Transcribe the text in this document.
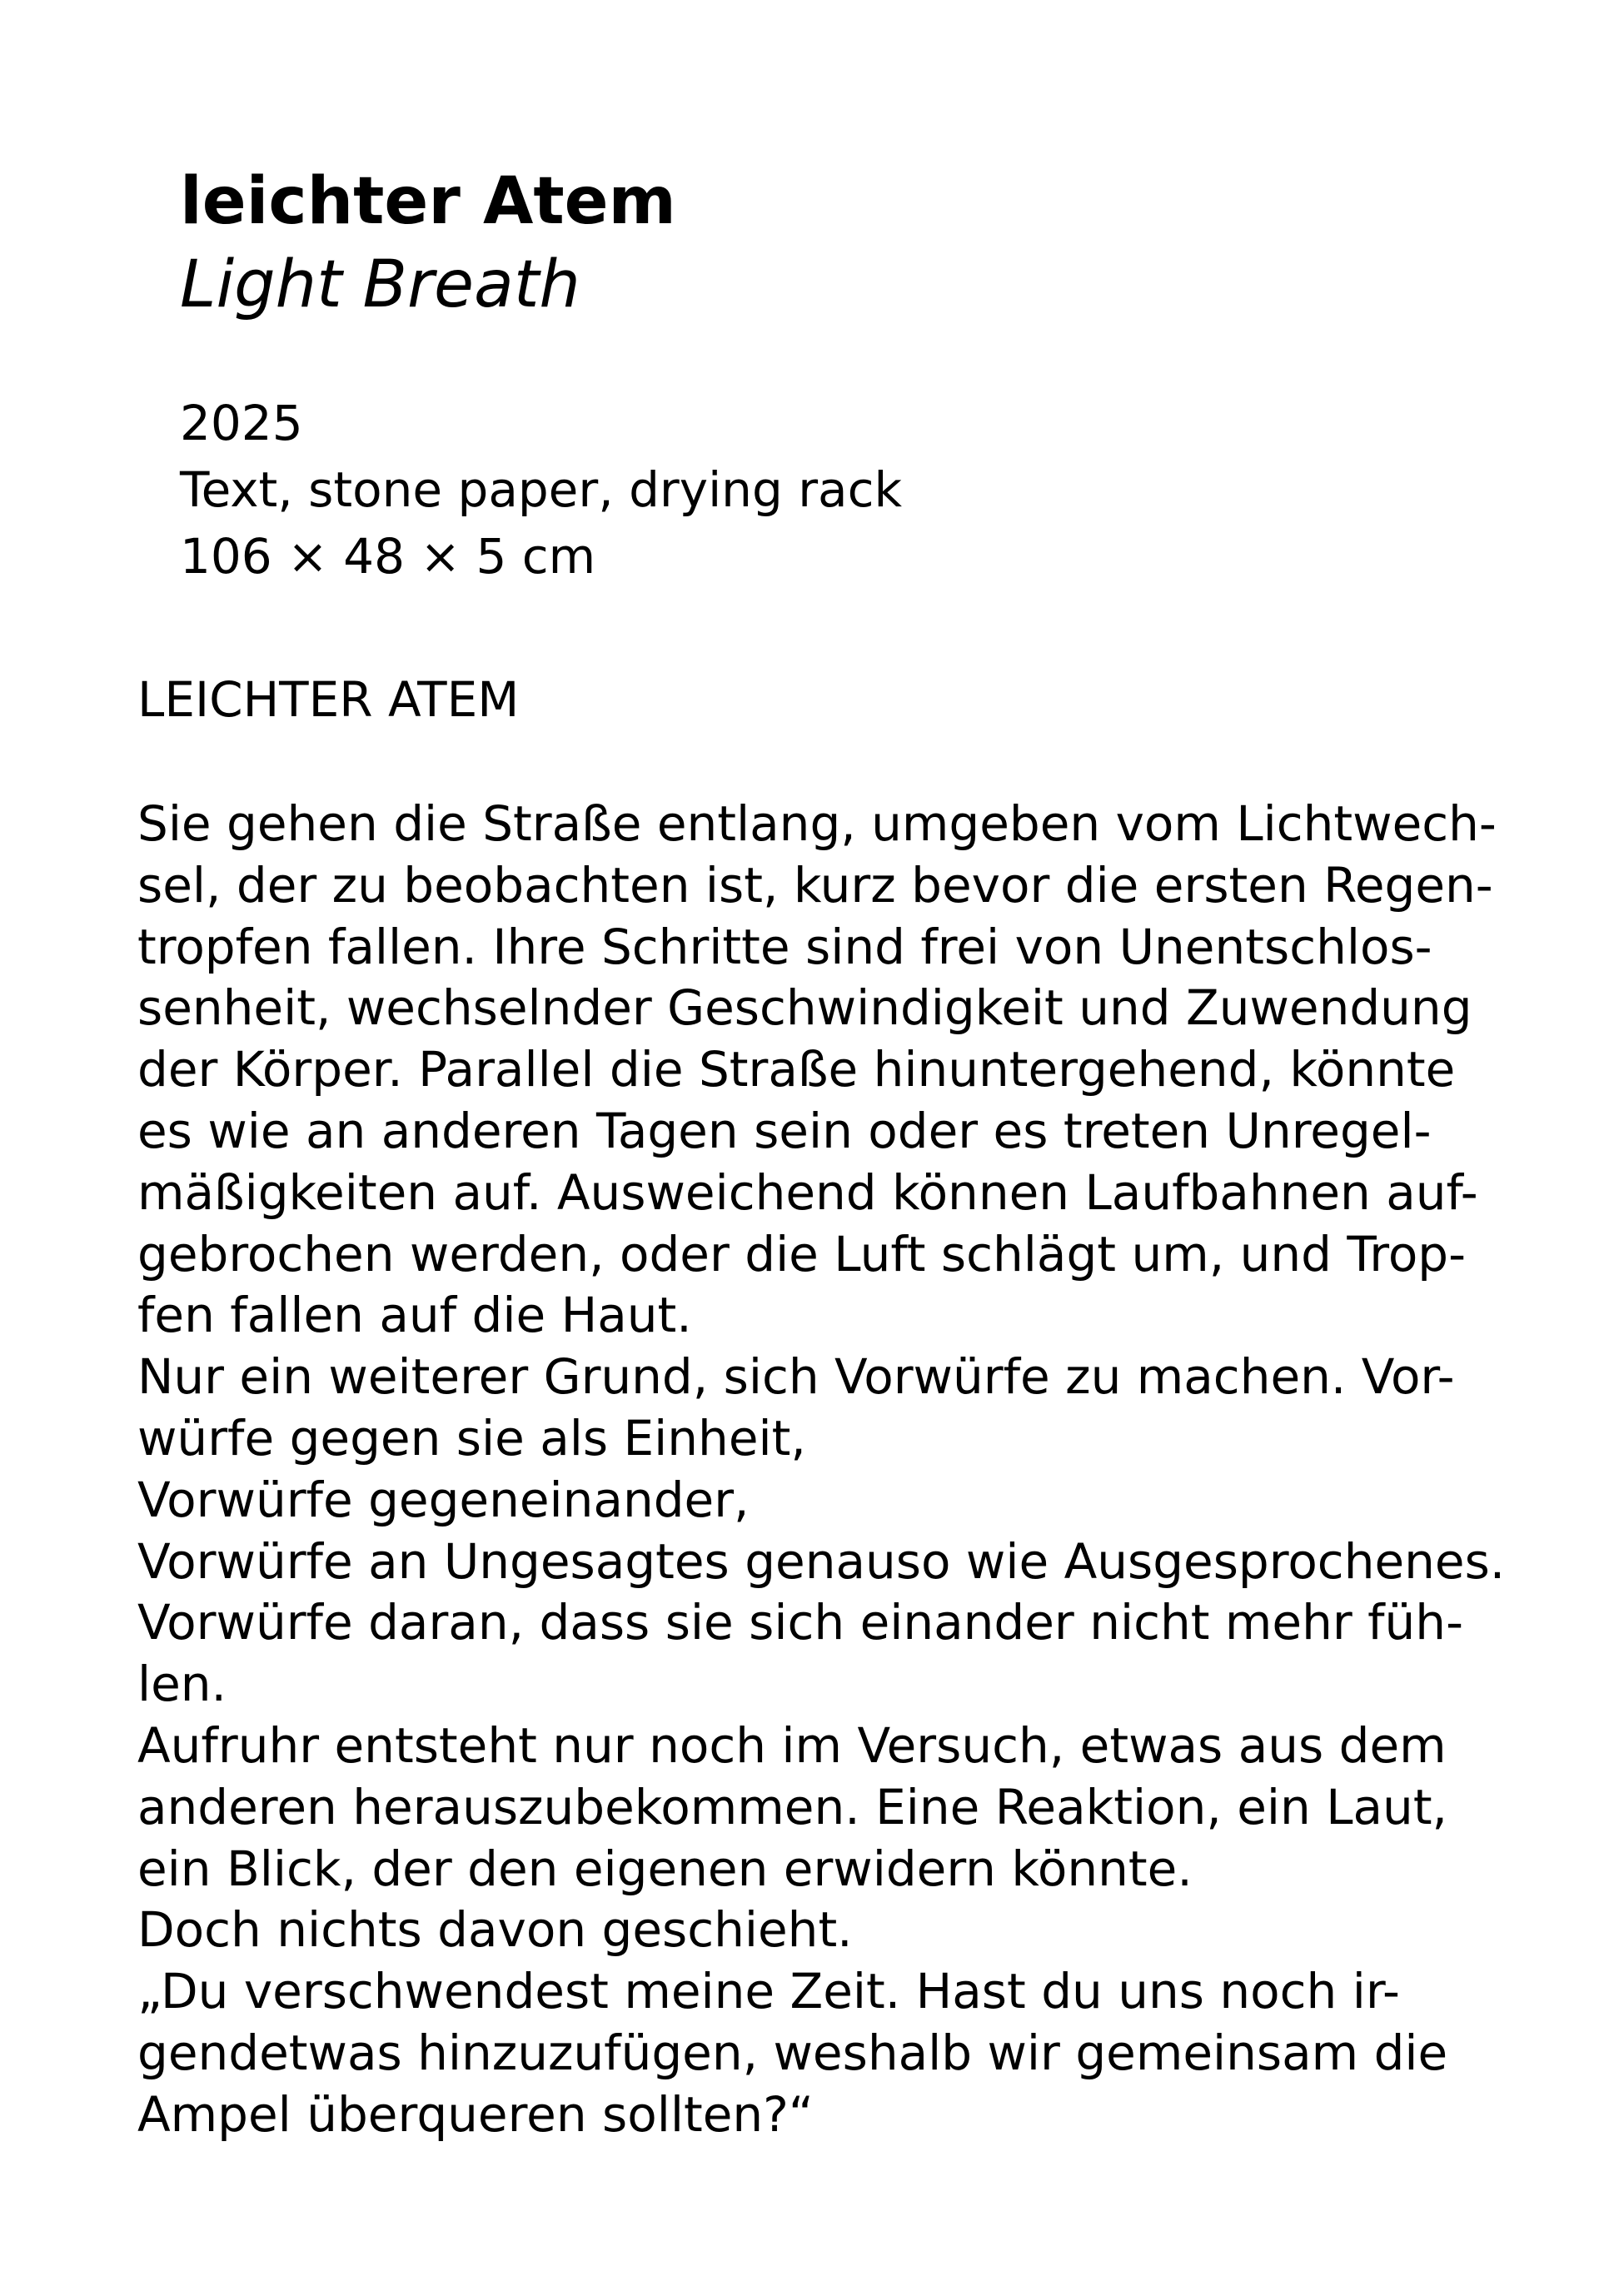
leichter Atem

Light Breath

2025

Text, stone paper, drying rack

106 × 48 × 5 cm

LEICHTER ATEM

Sie gehen die Straße entlang, umgeben vom Lichtwech-

sel, der zu beobachten ist, kurz bevor die ersten Regen-

tropfen fallen. Ihre Schritte sind frei von Unentschlos-

senheit, wechselnder Geschwindigkeit und Zuwendung

der Körper. Parallel die Straße hinuntergehend, könnte

es wie an anderen Tagen sein oder es treten Unregel-

mäßigkeiten auf. Ausweichend können Laufbahnen auf-

gebrochen werden, oder die Luft schlägt um, und Trop-

fen fallen auf die Haut.

Nur ein weiterer Grund, sich Vorwürfe zu machen. Vor-

würfe gegen sie als Einheit,

Vorwürfe gegeneinander,

Vorwürfe an Ungesagtes genauso wie Ausgesprochenes.

Vorwürfe daran, dass sie sich einander nicht mehr füh-

len.

Aufruhr entsteht nur noch im Versuch, etwas aus dem

anderen herauszubekommen. Eine Reaktion, ein Laut,

ein Blick, der den eigenen erwidern könnte.

Doch nichts davon geschieht.

„Du verschwendest meine Zeit. Hast du uns noch ir-

gendetwas hinzuzufügen, weshalb wir gemeinsam die

Ampel überqueren sollten?“
